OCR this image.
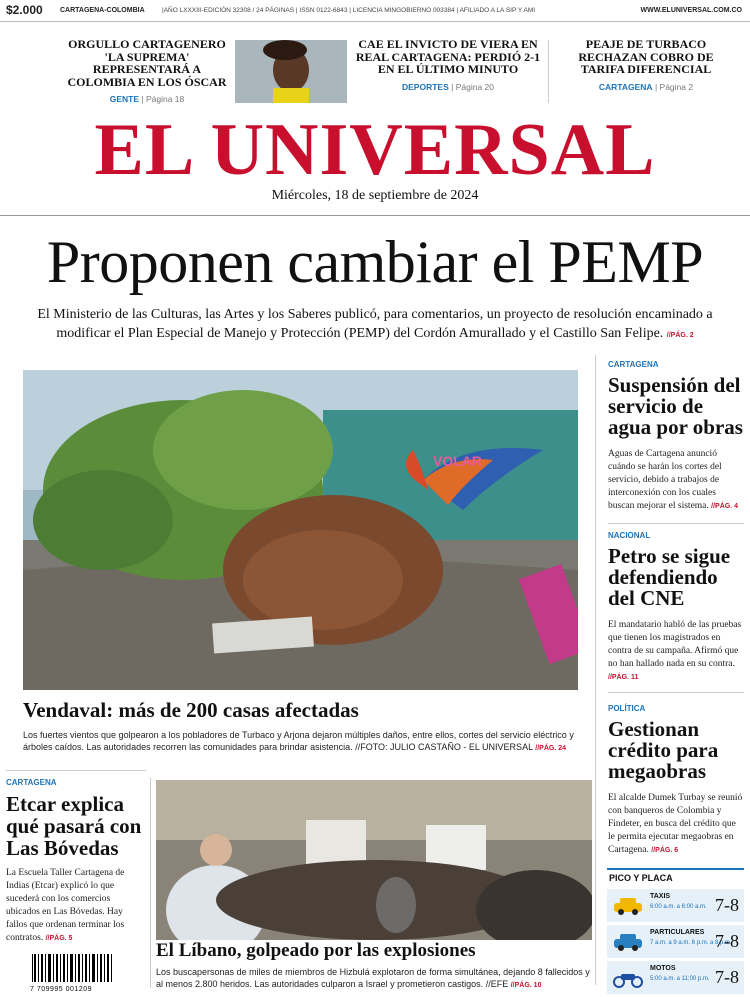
$2.000 CARTAGENA-COLOMBIA	|AÑO LXXXIII-EDICIÓN 32308 / 24 PÁGINAS | ISSN 0122-6843 | LICENCIA MINGOBIERNO 003384 | AFILIADO A LA SIP Y AMI	WWW.ELUNIVERSAL.COM.CO
ORGULLO CARTAGENERO 'LA SUPREMA' REPRESENTARÁ A COLOMBIA EN LOS ÓSCAR
GENTE | Página 18
CAE EL INVICTO DE VIERA EN REAL CARTAGENA: PERDIÓ 2-1 EN EL ÚLTIMO MINUTO
DEPORTES | Página 20
PEAJE DE TURBACO RECHAZAN COBRO DE TARIFA DIFERENCIAL
CARTAGENA | Página 2
EL UNIVERSAL
Miércoles, 18 de septiembre de 2024
Proponen cambiar el PEMP
El Ministerio de las Culturas, las Artes y los Saberes publicó, para comentarios, un proyecto de resolución encaminado a modificar el Plan Especial de Manejo y Protección (PEMP) del Cordón Amurallado y el Castillo San Felipe. //PÁG. 2
VOLAR
Vendaval: más de 200 casas afectadas
Los fuertes vientos que golpearon a los pobladores de Turbaco y Arjona dejaron múltiples daños, entre ellos, cortes del servicio eléctrico y árboles caídos. Las autoridades recorren las comunidades para brindar asistencia. //FOTO: JULIO CASTAÑO - EL UNIVERSAL //PÁG. 24
CARTAGENA
Suspensión del servicio de agua por obras
Aguas de Cartagena anunció cuándo se harán los cortes del servicio, debido a trabajos de interconexión con los cuales buscan mejorar el sistema. //PÁG. 4
NACIONAL
Petro se sigue defendiendo del CNE
El mandatario habló de las pruebas que tienen los magistrados en contra de su campaña. Afirmó que no han hallado nada en su contra. //PÁG. 11
POLÍTICA
Gestionan crédito para megaobras
El alcalde Dumek Turbay se reunió con banqueros de Colombia y Findeter, en busca del crédito que le permita ejecutar megaobras en Cartagena. //PÁG. 6
CARTAGENA
Etcar explica qué pasará con Las Bóvedas
La Escuela Taller Cartagena de Indias (Etcar) explicó lo que sucederá con los comercios ubicados en Las Bóvedas. Hay fallos que ordenan terminar los contratos. //PÁG. 5
El Líbano, golpeado por las explosiones
Los buscapersonas de miles de miembros de Hizbulá explotaron de forma simultánea, dejando 8 fallecidos y al menos 2.800 heridos. Las autoridades culparon a Israel y prometieron castigos. //EFE //PÁG. 10
7 709995 001209
PICO Y PLACA
TAXIS
6:00 a.m. a 6:00 a.m. 7-8
PARTICULARES
7 a.m. a 9 a.m. 6 p.m. a 8 p.m.
7-8
MOTOS
5:00 a.m. a 11:00 p.m. 7-8
